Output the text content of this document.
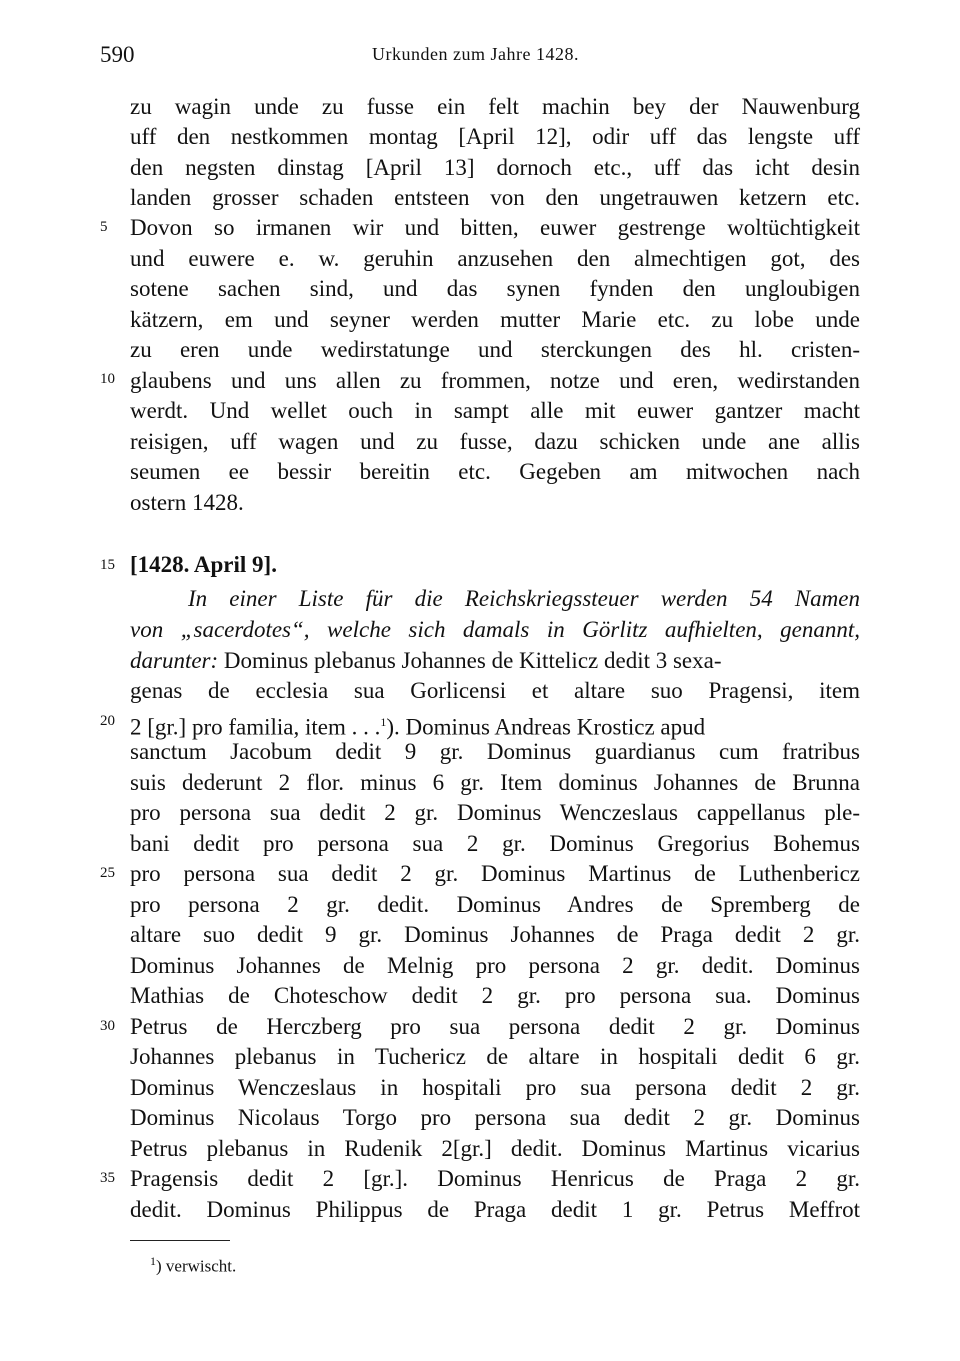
590	Urkunden zum Jahre 1428.
zu wagin unde zu fusse ein felt machin bey der Nauwenburg
uff den nestkommen montag [April 12], odir uff das lengste uff
den negsten dinstag [April 13] dornoch etc., uff das icht desin
landen grosser schaden entsteen von den ungetrauwen ketzern etc.
5 Dovon so irmanen wir und bitten, euwer gestrenge woltüchtigkeit
und euwere e. w. geruhin anzusehen den almechtigen got, des
sotene sachen sind, und das synen fynden den ungloubigen
kätzern, em und seyner werden mutter Marie etc. zu lobe unde
zu eren unde wedirstatunge und sterckungen des hl. cristen-
10 glaubens und uns allen zu frommen, notze und eren, wedirstanden
werdt. Und wellet ouch in sampt alle mit euwer gantzer macht
reisigen, uff wagen und zu fusse, dazu schicken unde ane allis
seumen ee bessir bereitin etc. Gegeben am mitwochen nach
ostern 1428.
15 [1428. April 9].
In einer Liste für die Reichskriegssteuer werden 54 Namen
von „sacerdotes“, welche sich damals in Görlitz aufhielten, genannt,
darunter: Dominus plebanus Johannes de Kittelicz dedit 3 sexa-
genas de ecclesia sua Gorlicensi et altare suo Pragensi, item
20 2 [gr.] pro familia, item . . .$^1$). Dominus Andreas Krosticz apud
sanctum Jacobum dedit 9 gr. Dominus guardianus cum fratribus
suis dederunt 2 flor. minus 6 gr. Item dominus Johannes de Brunna
pro persona sua dedit 2 gr. Dominus Wenczeslaus cappellanus ple-
bani dedit pro persona sua 2 gr. Dominus Gregorius Bohemus
25 pro persona sua dedit 2 gr. Dominus Martinus de Luthenbericz
pro persona 2 gr. dedit. Dominus Andres de Spremberg de
altare suo dedit 9 gr. Dominus Johannes de Praga dedit 2 gr.
Dominus Johannes de Melnig pro persona 2 gr. dedit. Dominus
Mathias de Choteschow dedit 2 gr. pro persona sua. Dominus
30 Petrus de Herczberg pro sua persona dedit 2 gr. Dominus
Johannes plebanus in Tucheric​z de altare in hospitali dedit 6 gr.
Dominus Wenczeslaus in hospitali pro sua persona dedit 2 gr.
Dominus Nicolaus Torgo pro persona sua dedit 2 gr. Dominus
Petrus plebanus in Rudenik 2[gr.] dedit. Dominus Martinus vicarius
35 Pragensis dedit 2 [gr.]. Dominus Henricus de Praga 2 gr.
dedit. Dominus Philippus de Praga dedit 1 gr. Petrus Meffrot
$^1$) verwischt.
